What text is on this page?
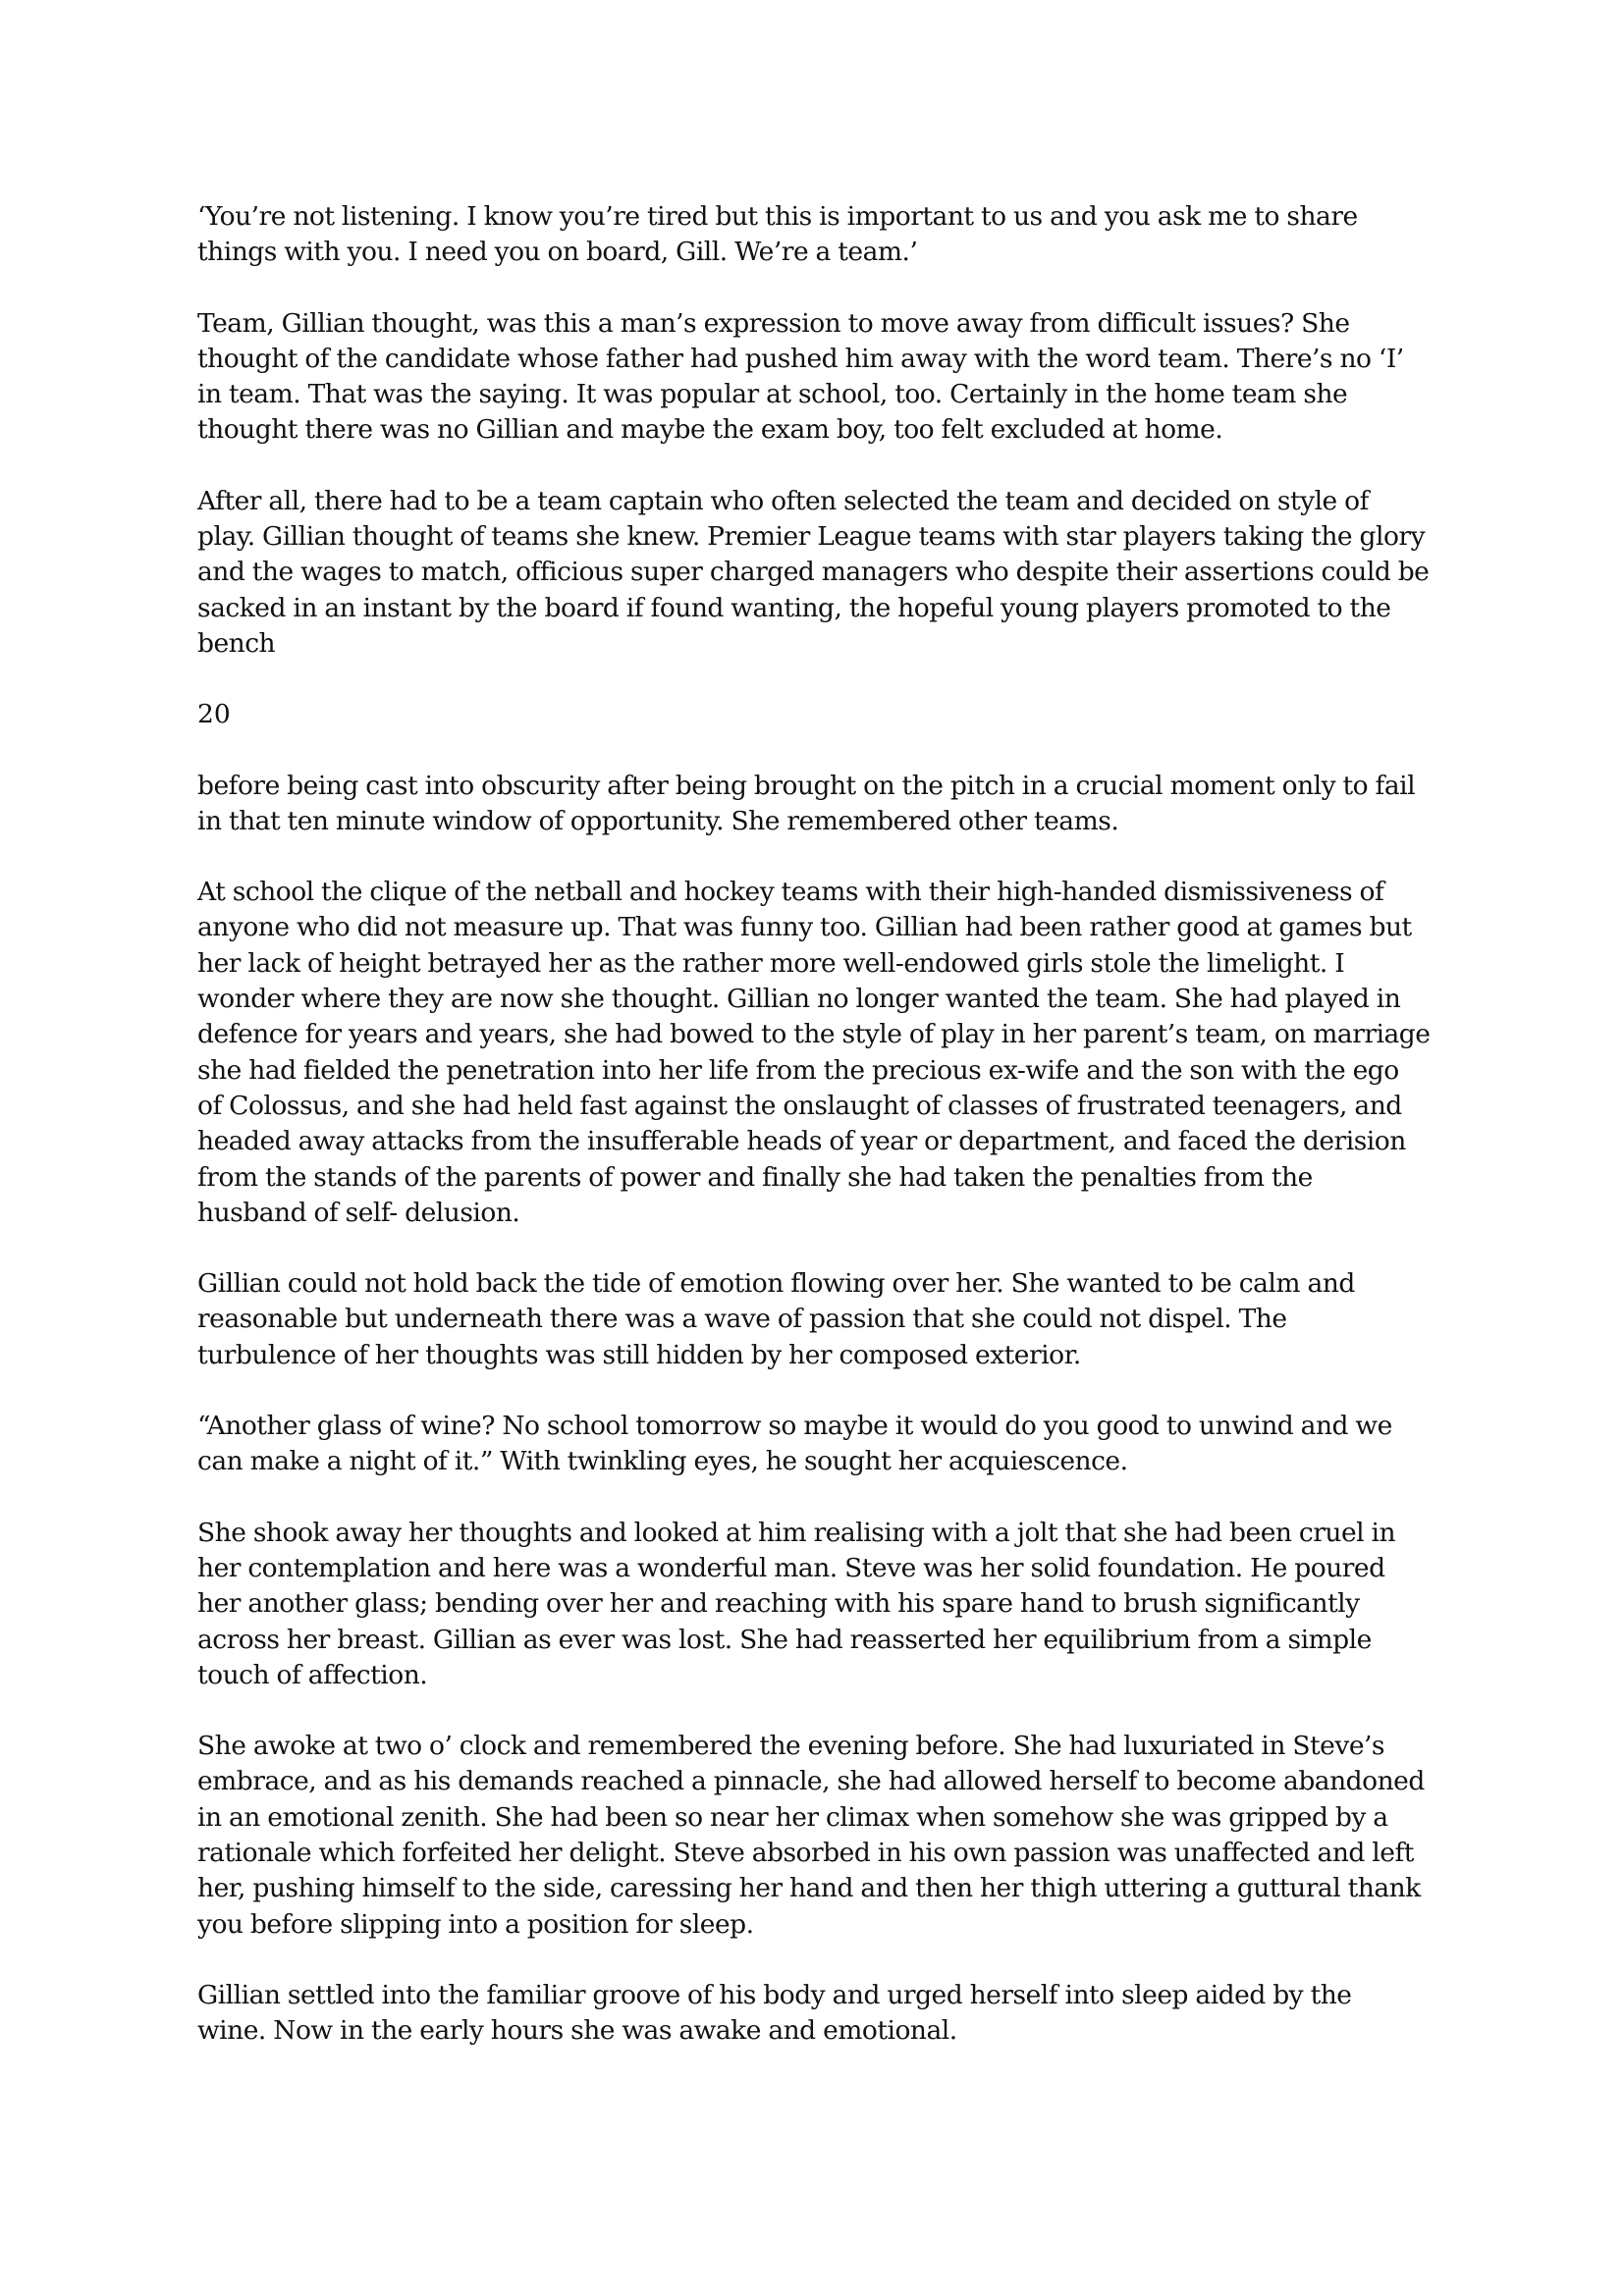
‘You’re not listening. I know you’re tired but this is important to us and you ask me to share
things with you. I need you on board, Gill. We’re a team.’

Team, Gillian thought, was this a man’s expression to move away from difficult issues? She
thought of the candidate whose father had pushed him away with the word team. There’s no ‘I’
in team. That was the saying. It was popular at school, too. Certainly in the home team she
thought there was no Gillian and maybe the exam boy, too felt excluded at home.

After all, there had to be a team captain who often selected the team and decided on style of
play. Gillian thought of teams she knew. Premier League teams with star players taking the glory
and the wages to match, officious super charged managers who despite their assertions could be
sacked in an instant by the board if found wanting, the hopeful young players promoted to the
bench

20

before being cast into obscurity after being brought on the pitch in a crucial moment only to fail
in that ten minute window of opportunity. She remembered other teams.

At school the clique of the netball and hockey teams with their high-handed dismissiveness of
anyone who did not measure up. That was funny too. Gillian had been rather good at games but
her lack of height betrayed her as the rather more well-endowed girls stole the limelight. I
wonder where they are now she thought. Gillian no longer wanted the team. She had played in
defence for years and years, she had bowed to the style of play in her parent’s team, on marriage
she had fielded the penetration into her life from the precious ex-wife and the son with the ego
of Colossus, and she had held fast against the onslaught of classes of frustrated teenagers, and
headed away attacks from the insufferable heads of year or department, and faced the derision
from the stands of the parents of power and finally she had taken the penalties from the
husband of self- delusion.

Gillian could not hold back the tide of emotion flowing over her. She wanted to be calm and
reasonable but underneath there was a wave of passion that she could not dispel. The
turbulence of her thoughts was still hidden by her composed exterior.

“Another glass of wine? No school tomorrow so maybe it would do you good to unwind and we
can make a night of it.” With twinkling eyes, he sought her acquiescence.

She shook away her thoughts and looked at him realising with a jolt that she had been cruel in
her contemplation and here was a wonderful man. Steve was her solid foundation. He poured
her another glass; bending over her and reaching with his spare hand to brush significantly
across her breast. Gillian as ever was lost. She had reasserted her equilibrium from a simple
touch of affection.

She awoke at two o’ clock and remembered the evening before. She had luxuriated in Steve’s
embrace, and as his demands reached a pinnacle, she had allowed herself to become abandoned
in an emotional zenith. She had been so near her climax when somehow she was gripped by a
rationale which forfeited her delight. Steve absorbed in his own passion was unaffected and left
her, pushing himself to the side, caressing her hand and then her thigh uttering a guttural thank
you before slipping into a position for sleep.

Gillian settled into the familiar groove of his body and urged herself into sleep aided by the
wine. Now in the early hours she was awake and emotional.
